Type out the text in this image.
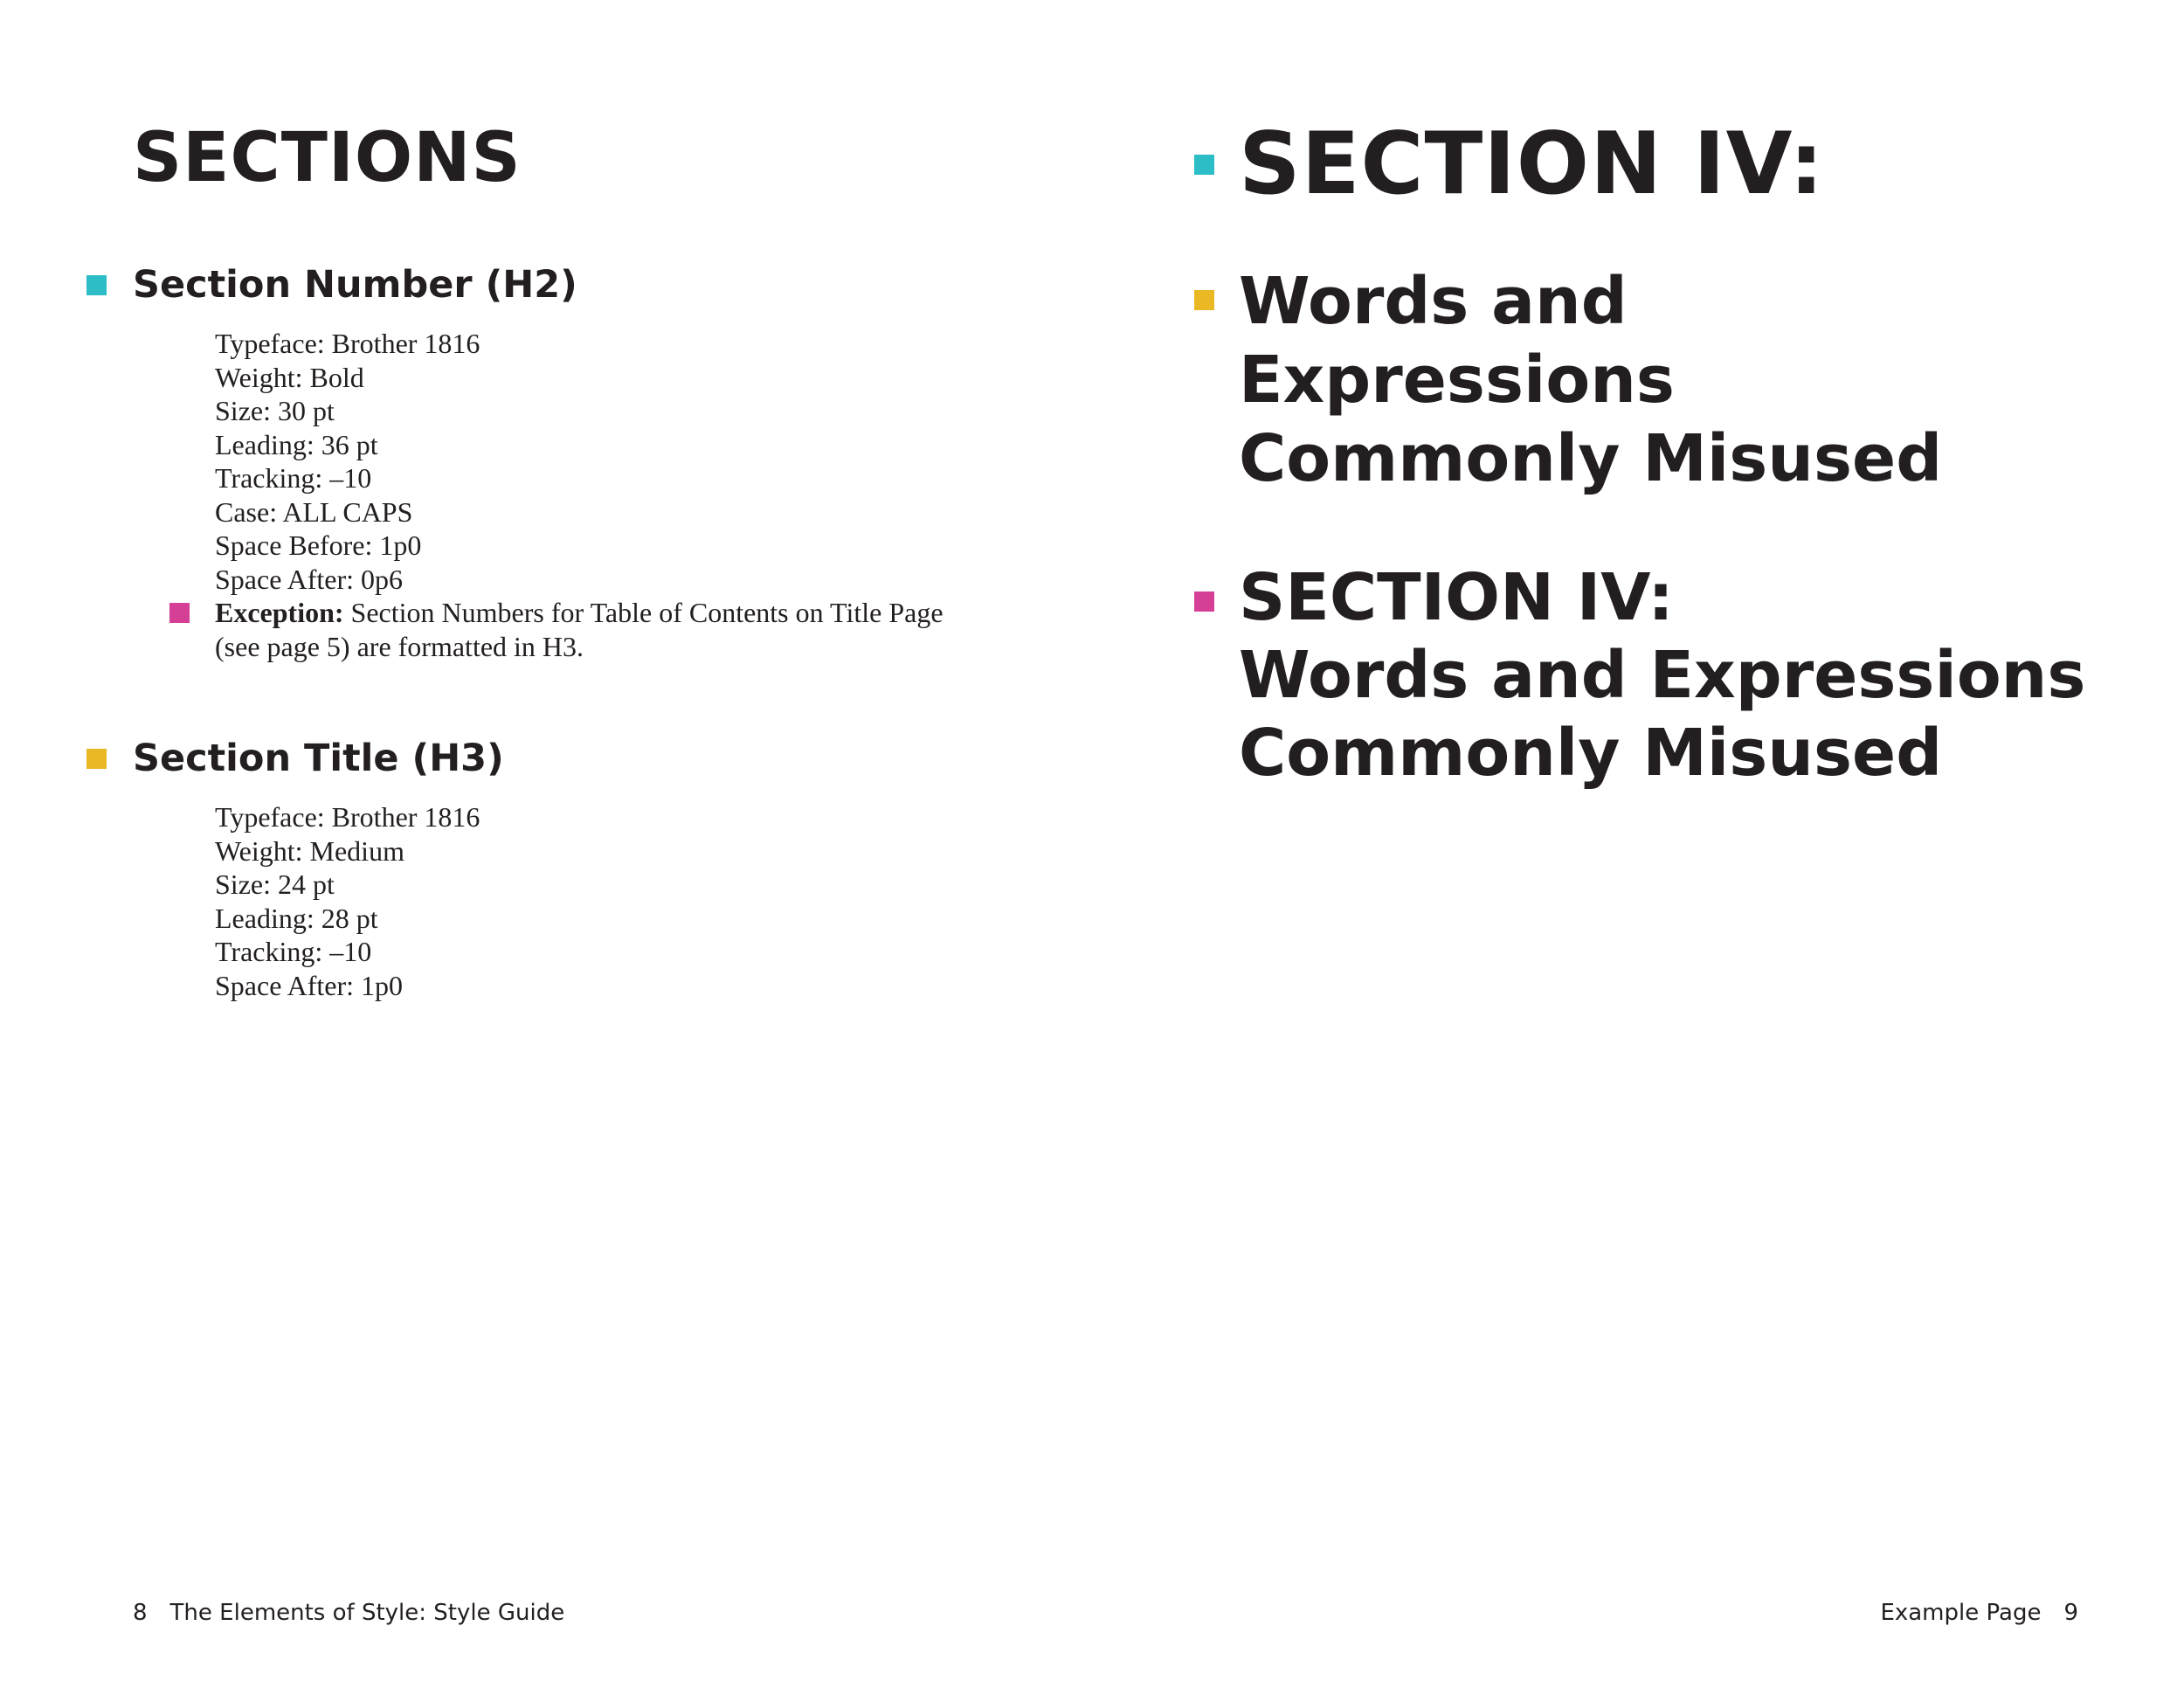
SECTIONS
Section Number (H2)
Typeface: Brother 1816
Weight: Bold
Size: 30 pt
Leading: 36 pt
Tracking: –10
Case: ALL CAPS
Space Before: 1p0
Space After: 0p6

Exception: Section Numbers for Table of Contents on Title Page (see page 5) are formatted in H3.

Section Title (H3)
Typeface: Brother 1816
Weight: Medium
Size: 24 pt
Leading: 28 pt
Tracking: –10
Space After: 1p0
SECTION IV:
Words and Expressions Commonly Misused
SECTION IV:
Words and Expressions
Commonly Misused
8 The Elements of Style: Style Guide	Example Page 9
